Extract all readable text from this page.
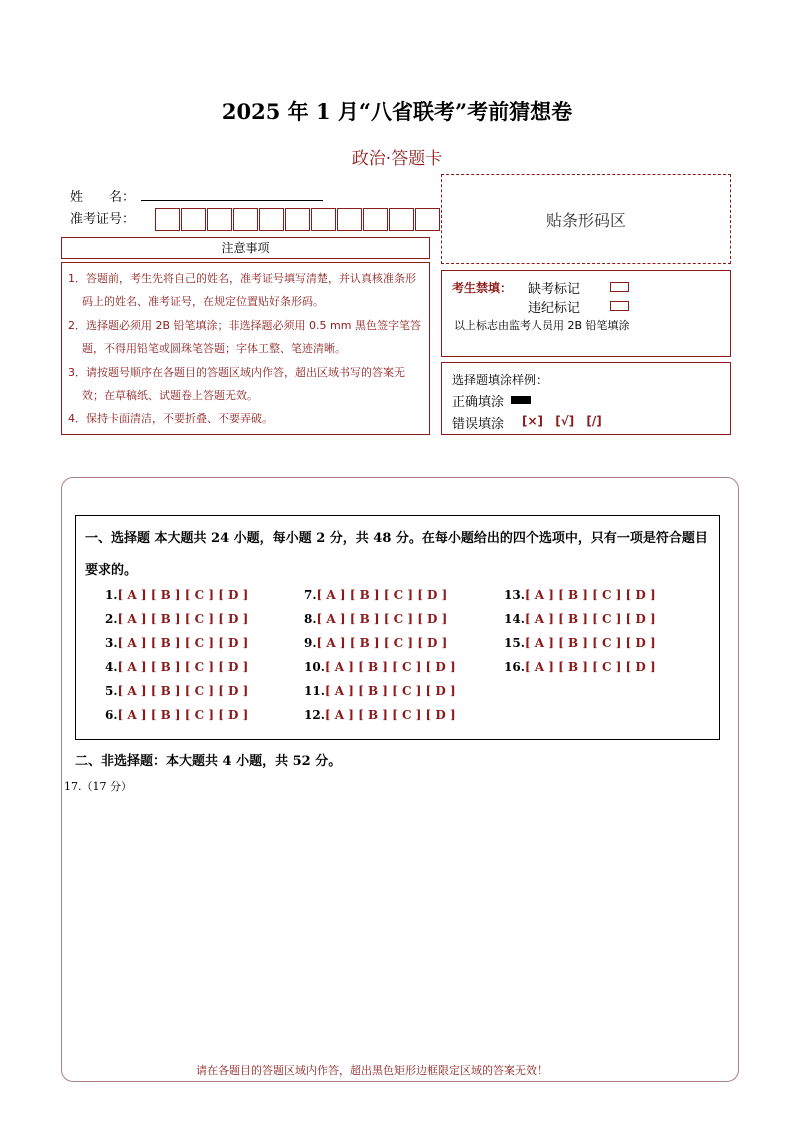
2025 年 1 月“八省联考”考前猜想卷
政治·答题卡
姓　　名：
准考证号：	贴条形码区
注意事项
1．答题前，考生先将自己的姓名，准考证号填写清楚，并认真核准条形码上的姓名、准考证号，在规定位置贴好条形码。
2．选择题必须用 2B 铅笔填涂；非选择题必须用 0.5 mm 黑色签字笔答题，不得用铅笔或圆珠笔答题；字体工整、笔迹清晰。
3．请按题号顺序在各题目的答题区域内作答，超出区域书写的答案无效；在草稿纸、试题卷上答题无效。
4．保持卡面清洁，不要折叠、不要弄破。
考生禁填： 缺考标记
违纪标记
以上标志由监考人员用 2B 铅笔填涂
选择题填涂样例：
正确填涂
错误填涂 [×] [√] [/]
一、选择题 本大题共 24 小题，每小题 2 分，共 48 分。在每小题给出的四个选项中，只有一项是符合题目要求的。
1.[ A ] [ B ] [ C ] [ D ]
2.[ A ] [ B ] [ C ] [ D ]
3.[ A ] [ B ] [ C ] [ D ]
4.[ A ] [ B ] [ C ] [ D ]
5.[ A ] [ B ] [ C ] [ D ]
6.[ A ] [ B ] [ C ] [ D ]
7.[ A ] [ B ] [ C ] [ D ]
8.[ A ] [ B ] [ C ] [ D ]
9.[ A ] [ B ] [ C ] [ D ]
10.[ A ] [ B ] [ C ] [ D ]
11.[ A ] [ B ] [ C ] [ D ]
12.[ A ] [ B ] [ C ] [ D ]
13.[ A ] [ B ] [ C ] [ D ]
14.[ A ] [ B ] [ C ] [ D ]
15.[ A ] [ B ] [ C ] [ D ]
16.[ A ] [ B ] [ C ] [ D ]
二、非选择题：本大题共 4 小题，共 52 分。
17.（17 分）
请在各题目的答题区域内作答，超出黑色矩形边框限定区域的答案无效！
